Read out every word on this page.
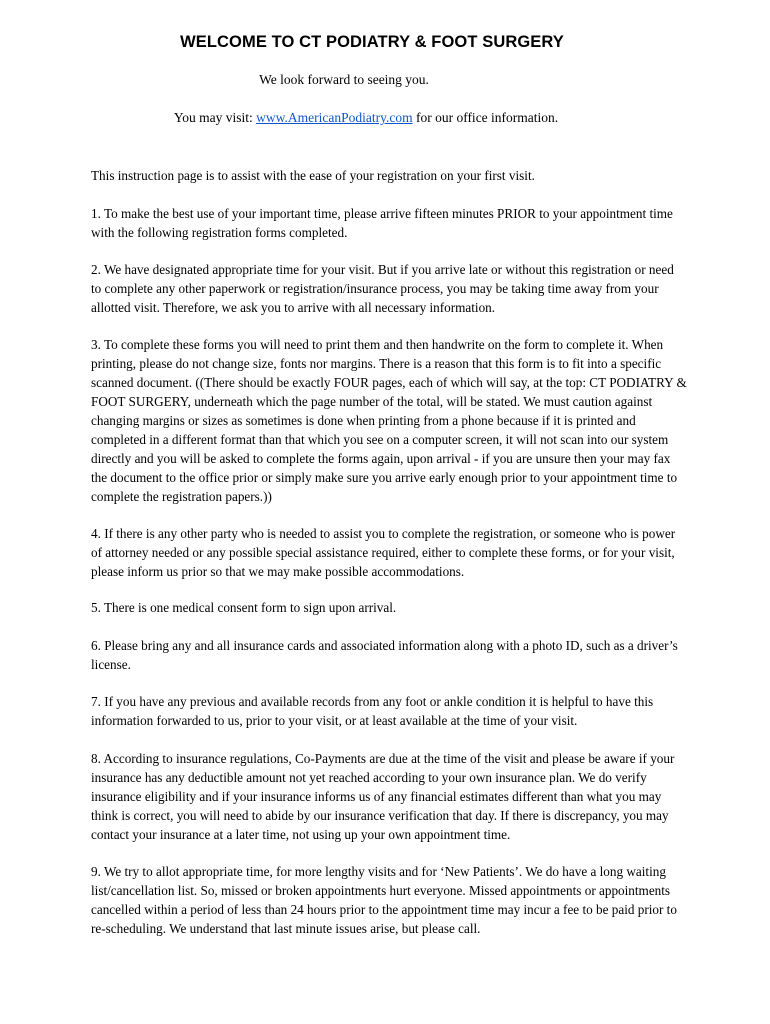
WELCOME TO CT PODIATRY & FOOT SURGERY
We look forward to seeing you.
You may visit: www.AmericanPodiatry.com for our office information.
This instruction page is to assist with the ease of your registration on your first visit.
1. To make the best use of your important time, please arrive fifteen minutes PRIOR to your appointment time with the following registration forms completed.
2. We have designated appropriate time for your visit. But if you arrive late or without this registration or need to complete any other paperwork or registration/insurance process, you may be taking time away from your allotted visit. Therefore, we ask you to arrive with all necessary information.
3. To complete these forms you will need to print them and then handwrite on the form to complete it. When printing, please do not change size, fonts nor margins. There is a reason that this form is to fit into a specific scanned document. ((There should be exactly FOUR pages, each of which will say, at the top: CT PODIATRY & FOOT SURGERY, underneath which the page number of the total, will be stated. We must caution against changing margins or sizes as sometimes is done when printing from a phone because if it is printed and completed in a different format than that which you see on a computer screen, it will not scan into our system directly and you will be asked to complete the forms again, upon arrival - if you are unsure then your may fax the document to the office prior or simply make sure you arrive early enough prior to your appointment time to complete the registration papers.))
4. If there is any other party who is needed to assist you to complete the registration, or someone who is power of attorney needed or any possible special assistance required, either to complete these forms, or for your visit, please inform us prior so that we may make possible accommodations.
5. There is one medical consent form to sign upon arrival.
6. Please bring any and all insurance cards and associated information along with a photo ID, such as a driver’s license.
7. If you have any previous and available records from any foot or ankle condition it is helpful to have this information forwarded to us, prior to your visit, or at least available at the time of your visit.
8. According to insurance regulations, Co-Payments are due at the time of the visit and please be aware if your insurance has any deductible amount not yet reached according to your own insurance plan. We do verify insurance eligibility and if your insurance informs us of any financial estimates different than what you may think is correct, you will need to abide by our insurance verification that day. If there is discrepancy, you may contact your insurance at a later time, not using up your own appointment time.
9. We try to allot appropriate time, for more lengthy visits and for ‘New Patients’. We do have a long waiting list/cancellation list. So, missed or broken appointments hurt everyone. Missed appointments or appointments cancelled within a period of less than 24 hours prior to the appointment time may incur a fee to be paid prior to re-scheduling. We understand that last minute issues arise, but please call.
